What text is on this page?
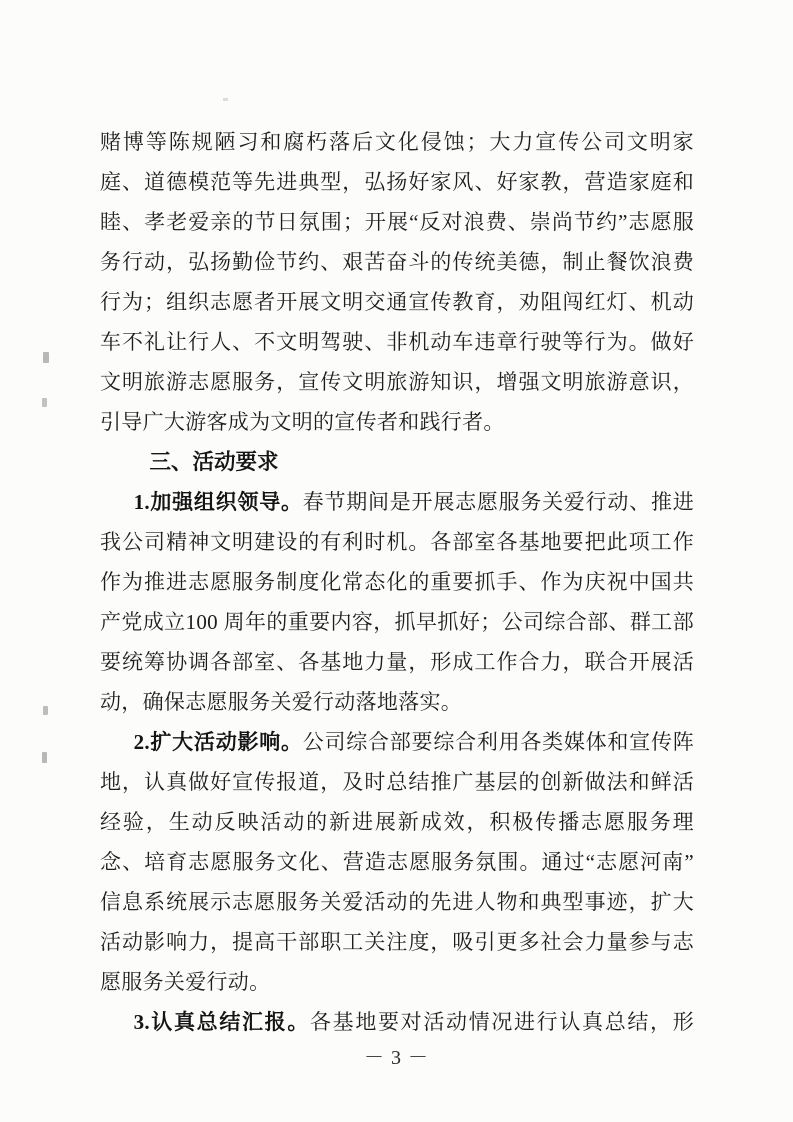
赌博等陈规陋习和腐朽落后文化侵蚀；大力宣传公司文明家庭、道德模范等先进典型，弘扬好家风、好家教，营造家庭和睦、孝老爱亲的节日氛围；开展“反对浪费、崇尚节约”志愿服务行动，弘扬勤俭节约、艰苦奋斗的传统美德，制止餐饮浪费行为；组织志愿者开展文明交通宣传教育，劝阻闯红灯、机动车不礼让行人、不文明驾驶、非机动车违章行驶等行为。做好文明旅游志愿服务，宣传文明旅游知识，增强文明旅游意识，引导广大游客成为文明的宣传者和践行者。

三、活动要求

1.加强组织领导。春节期间是开展志愿服务关爱行动、推进我公司精神文明建设的有利时机。各部室各基地要把此项工作作为推进志愿服务制度化常态化的重要抓手、作为庆祝中国共产党成立100 周年的重要内容，抓早抓好；公司综合部、群工部要统筹协调各部室、各基地力量，形成工作合力，联合开展活动，确保志愿服务关爱行动落地落实。

2.扩大活动影响。公司综合部要综合利用各类媒体和宣传阵地，认真做好宣传报道，及时总结推广基层的创新做法和鲜活经验，生动反映活动的新进展新成效，积极传播志愿服务理念、培育志愿服务文化、营造志愿服务氛围。通过“志愿河南”信息系统展示志愿服务关爱活动的先进人物和典型事迹，扩大活动影响力，提高干部职工关注度，吸引更多社会力量参与志愿服务关爱行动。

3.认真总结汇报。各基地要对活动情况进行认真总结，形

－ 3 －
